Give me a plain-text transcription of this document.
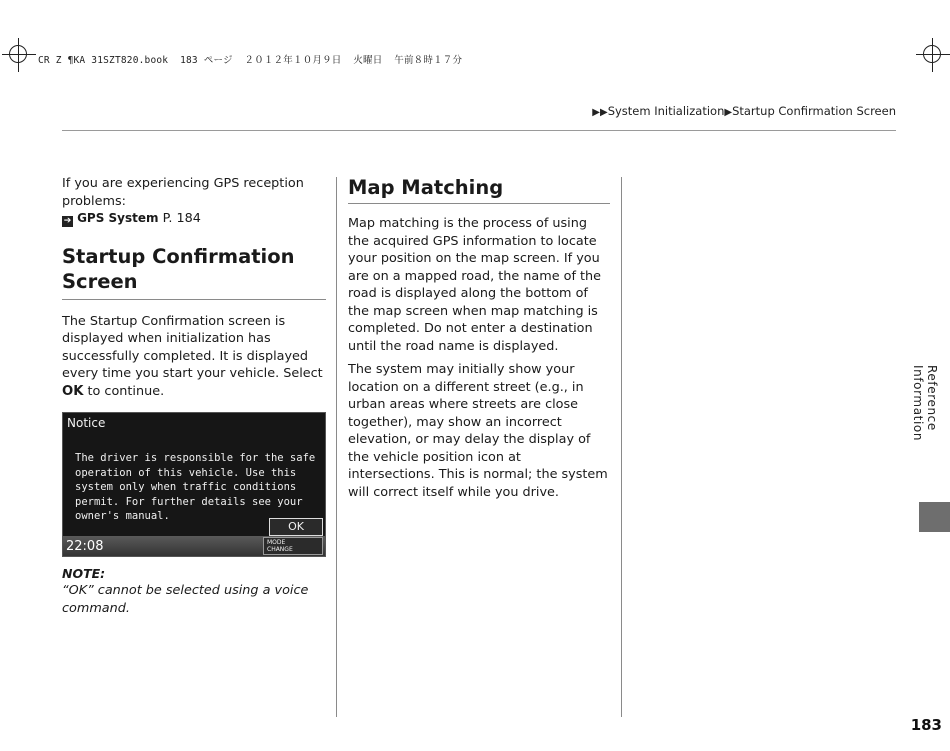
CR Z ¶KA 31SZT820.book  183 ページ  ２０１２年１０月９日  火曜日  午前８時１７分
▶▶System Initialization▶Startup Confirmation Screen

If you are experiencing GPS reception problems:

➔ GPS System P. 184
Startup Confirmation Screen

The Startup Confirmation screen is displayed when initialization has successfully completed. It is displayed every time you start your vehicle. Select OK to continue.

Notice
The driver is responsible for the safe operation of this vehicle. Use this system only when traffic conditions permit. For further details see your owner's manual.
OK
22:08	MODE
CHANGE
NOTE:
“OK” cannot be selected using a voice command.
Map Matching

Map matching is the process of using the acquired GPS information to locate your position on the map screen. If you are on a mapped road, the name of the road is displayed along the bottom of the map screen when map matching is completed. Do not enter a destination until the road name is displayed.

The system may initially show your location on a different street (e.g., in urban areas where streets are close together), may show an incorrect elevation, or may delay the display of the vehicle position icon at intersections. This is normal; the system will correct itself while you drive.

Reference Information
183
